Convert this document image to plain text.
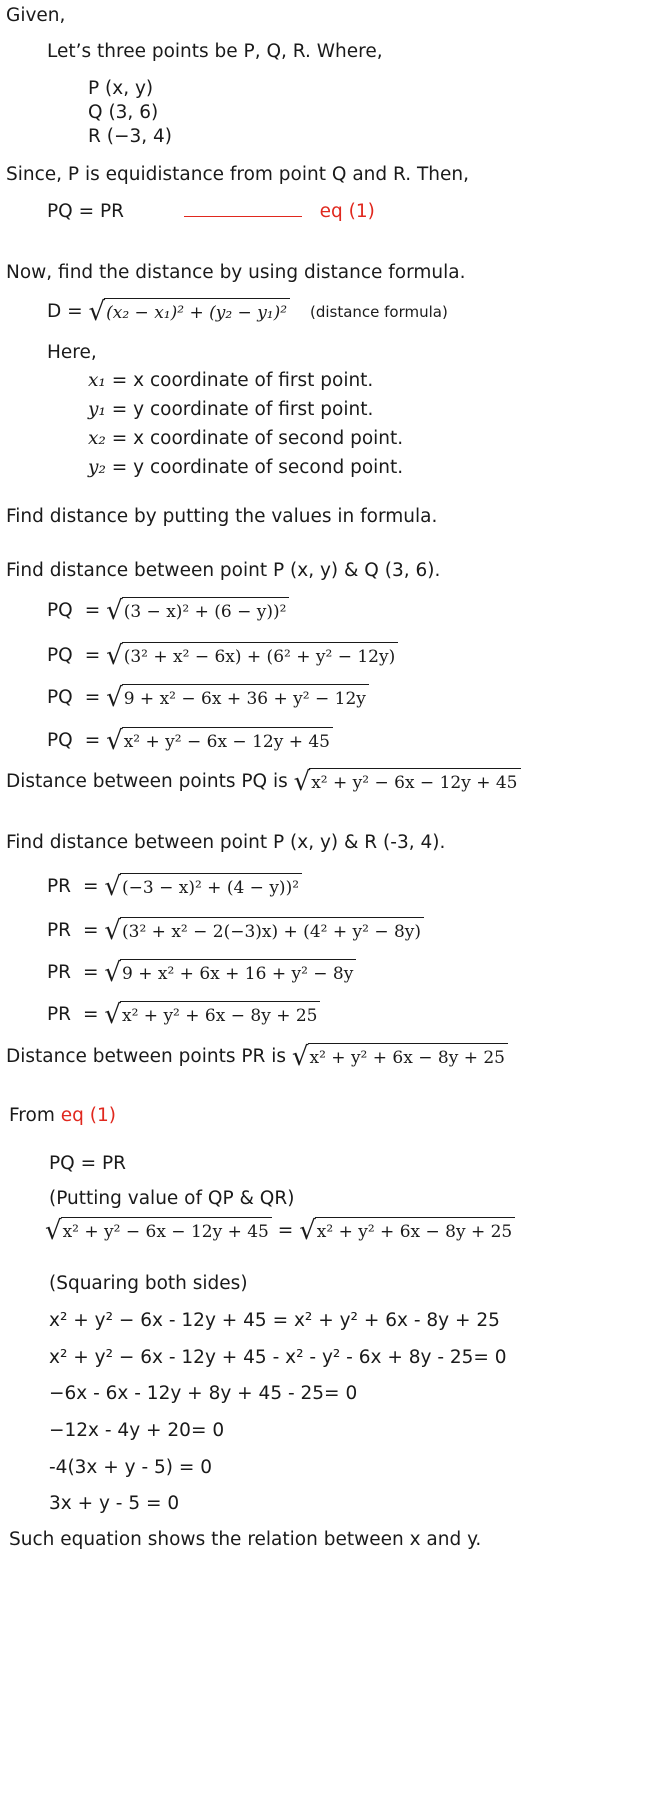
Given,
Let’s three points be P, Q, R. Where,
P (x, y)
Q (3, 6)
R (−3, 4)
Since, P is equidistance from point Q and R. Then,
PQ = PR	eq (1)
Now, find the distance by using distance formula.
D = √ (x₂ − x₁)² + (y₂ − y₁)² (distance formula)
Here,
x₁ = x coordinate of first point.
y₁ = y coordinate of first point.
x₂ = x coordinate of second point.
y₂ = y coordinate of second point.
Find distance by putting the values in formula.
Find distance between point P (x, y) & Q (3, 6).
PQ = √ (3 − x)² + (6 − y))²
PQ = √ (3² + x² − 6x) + (6² + y² − 12y)
PQ = √ 9 + x² − 6x + 36 + y² − 12y
PQ = √ x² + y² − 6x − 12y + 45
Distance between points PQ is √ x² + y² − 6x − 12y + 45
Find distance between point P (x, y) & R (-3, 4).
PR = √ (−3 − x)² + (4 − y))²
PR = √ (3² + x² − 2(−3)x) + (4² + y² − 8y)
PR = √ 9 + x² + 6x + 16 + y² − 8y
PR = √ x² + y² + 6x − 8y + 25
Distance between points PR is √ x² + y² + 6x − 8y + 25
From eq (1)
PQ = PR
(Putting value of QP & QR)
√ x² + y² − 6x − 12y + 45 = √ x² + y² + 6x − 8y + 25
(Squaring both sides)
x² + y² − 6x - 12y + 45 = x² + y² + 6x - 8y + 25
x² + y² − 6x - 12y + 45 - x² - y² - 6x + 8y - 25= 0
−6x - 6x - 12y + 8y + 45 - 25= 0
−12x - 4y + 20= 0
-4(3x + y - 5) = 0
3x + y - 5 = 0
Such equation shows the relation between x and y.
